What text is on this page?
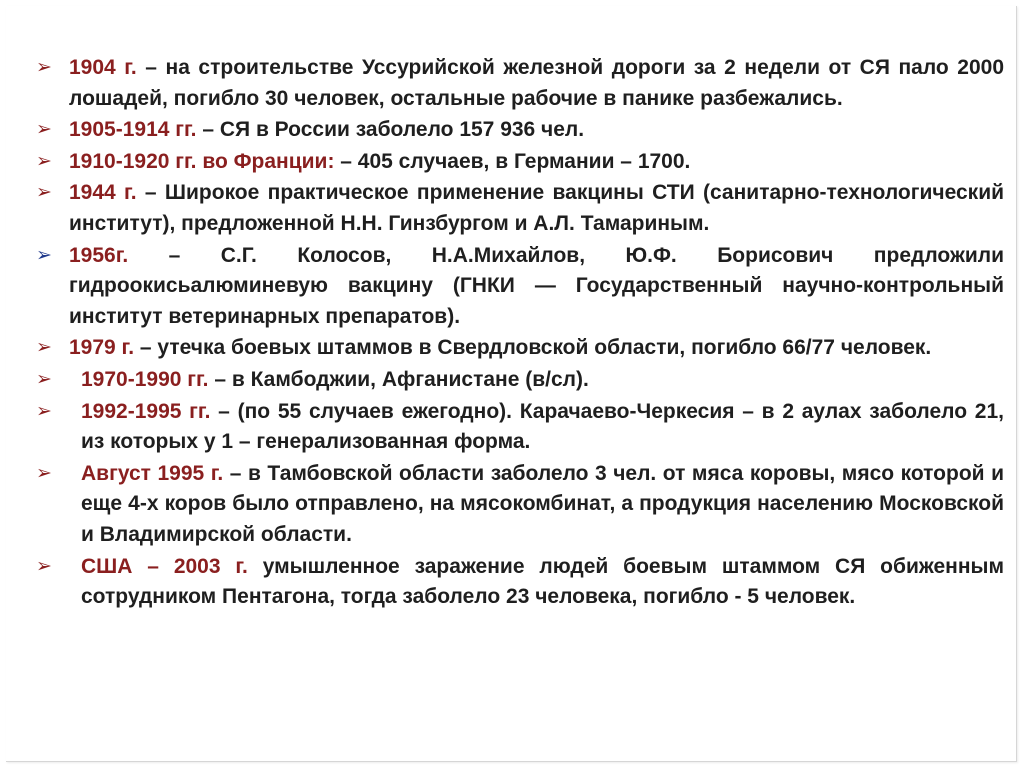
➢ 1904 г. – на строительстве Уссурийской железной дороги за 2 недели от СЯ пало 2000 лошадей, погибло 30 человек, остальные рабочие в панике разбежались.
➢ 1905-1914 гг. – СЯ в России заболело 157 936 чел.
➢ 1910-1920 гг. во Франции: – 405 случаев, в Германии – 1700.
➢ 1944 г. – Широкое практическое применение вакцины СТИ (санитарно-технологический институт), предложенной Н.Н. Гинзбургом и А.Л. Тамариным.
➢ 1956г. – С.Г. Колосов, Н.А.Михайлов, Ю.Ф. Борисович предложили гидроокисьалюминевую вакцину (ГНКИ — Государственный научно-контрольный институт ветеринарных препаратов).
➢ 1979 г. – утечка боевых штаммов в Свердловской области, погибло 66/77 человек.
➢ 1970-1990 гг. – в Камбоджии, Афганистане (в/сл).
➢ 1992-1995 гг. – (по 55 случаев ежегодно). Карачаево-Черкесия – в 2 аулах заболело 21, из которых у 1 – генерализованная форма.
➢ Август 1995 г. – в Тамбовской области заболело 3 чел. от мяса коровы, мясо которой и еще 4-х коров было отправлено, на мясокомбинат, а продукция населению Московской и Владимирской области.
➢ США – 2003 г. умышленное заражение людей боевым штаммом СЯ обиженным сотрудником Пентагона, тогда заболело 23 человека, погибло - 5 человек.
